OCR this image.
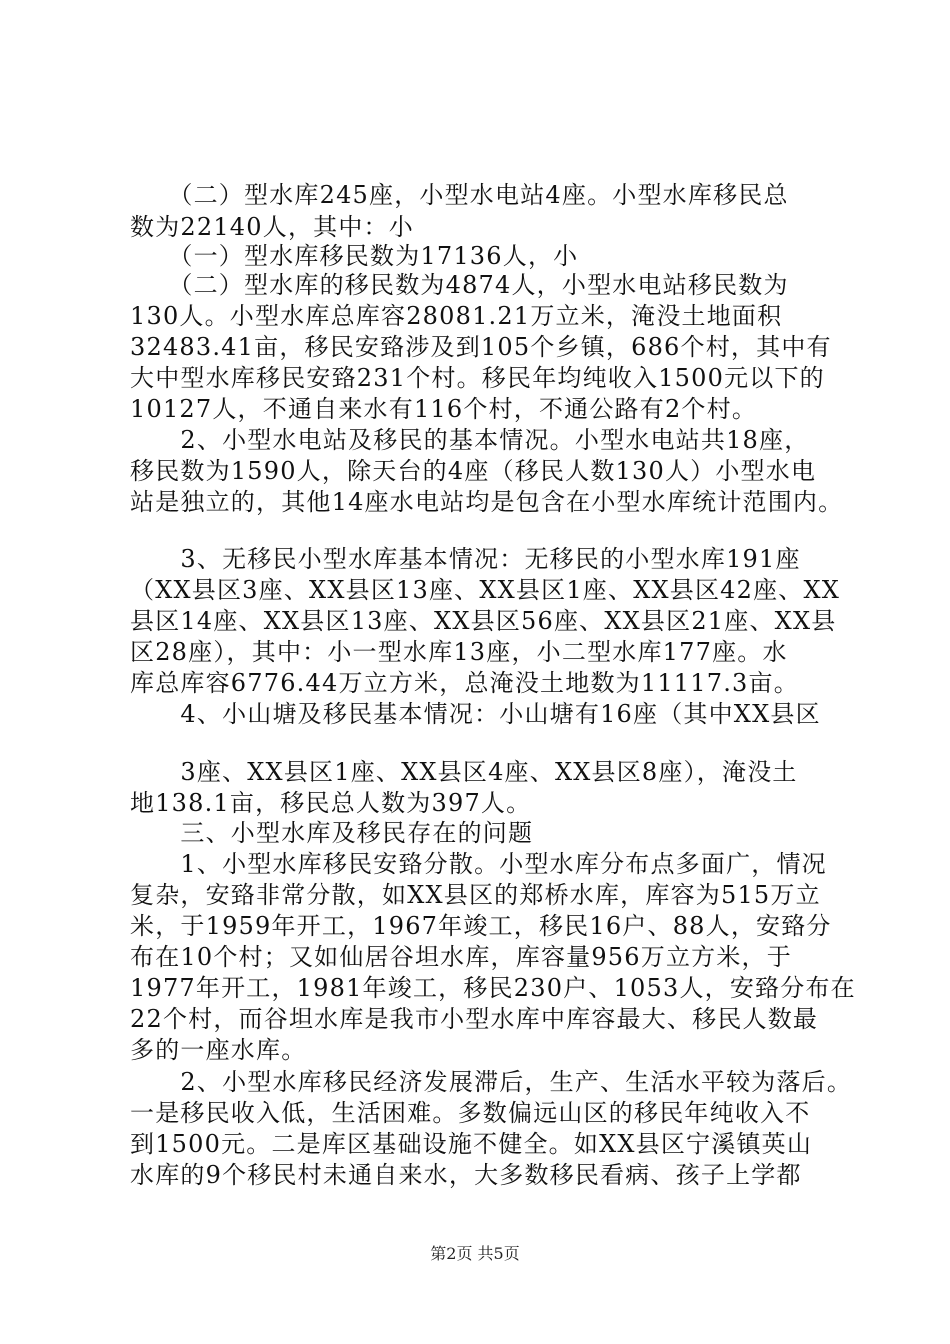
　　（二）型水库245座，小型水电站4座。小型水库移民总
数为22140人，其中：小
　　（一）型水库移民数为17136人，小
　　（二）型水库的移民数为4874人，小型水电站移民数为
130人。小型水库总库容28081.21万立米，淹没土地面积
32483.41亩，移民安臵涉及到105个乡镇，686个村，其中有
大中型水库移民安臵231个村。移民年均纯收入1500元以下的
10127人，不通自来水有116个村，不通公路有2个村。
　　2、小型水电站及移民的基本情况。小型水电站共18座，
移民数为1590人，除天台的4座（移民人数130人）小型水电
站是独立的，其他14座水电站均是包含在小型水库统计范围内。
　　3、无移民小型水库基本情况：无移民的小型水库191座
（XX县区3座、XX县区13座、XX县区1座、XX县区42座、XX
县区14座、XX县区13座、XX县区56座、XX县区21座、XX县
区28座），其中：小一型水库13座，小二型水库177座。水
库总库容6776.44万立方米，总淹没土地数为11117.3亩。
　　4、小山塘及移民基本情况：小山塘有16座（其中XX县区
　　3座、XX县区1座、XX县区4座、XX县区8座），淹没土
地138.1亩，移民总人数为397人。
　　三、小型水库及移民存在的问题
　　1、小型水库移民安臵分散。小型水库分布点多面广，情况
复杂，安臵非常分散，如XX县区的郑桥水库，库容为515万立
米，于1959年开工，1967年竣工，移民16户、88人，安臵分
布在10个村；又如仙居谷坦水库，库容量956万立方米，于
1977年开工，1981年竣工，移民230户、1053人，安臵分布在
22个村，而谷坦水库是我市小型水库中库容最大、移民人数最
多的一座水库。
　　2、小型水库移民经济发展滞后，生产、生活水平较为落后。
一是移民收入低，生活困难。多数偏远山区的移民年纯收入不
到1500元。二是库区基础设施不健全。如XX县区宁溪镇英山
水库的9个移民村未通自来水，大多数移民看病、孩子上学都
第2页 共5页
